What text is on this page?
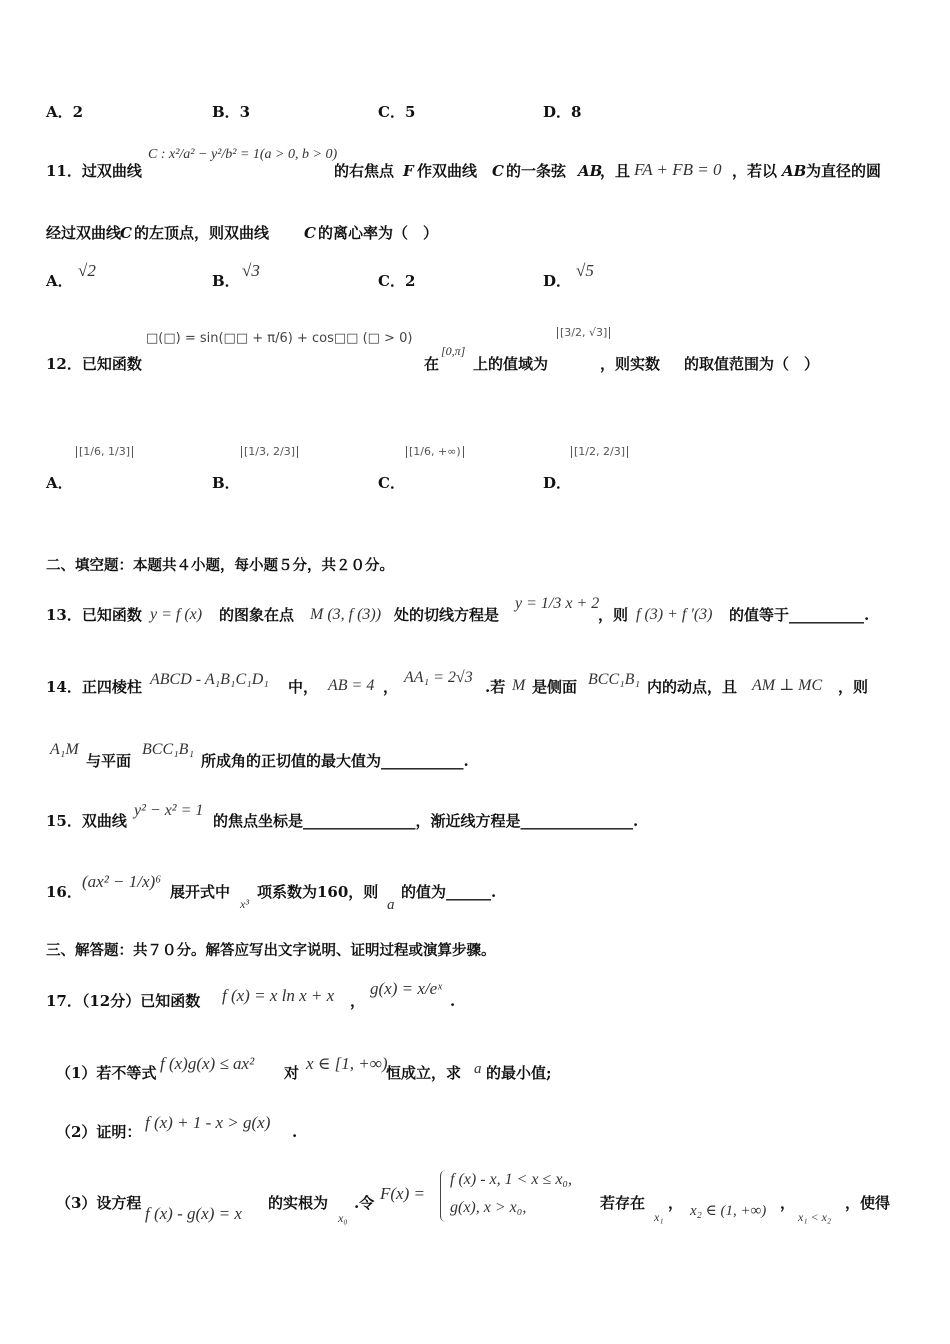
A．2	B．3	C．5	D．8
11．过双曲线
C : x²/a² − y²/b² = 1(a > 0, b > 0)
的右焦点 F 作双曲线 C 的一条弦 AB
，且 FA + FB = 0 ，若以 AB 为直径的圆
经过双曲线
C 的左顶点，则双曲线 C 的离心率为（　）
A．
√2
B．
√3
C．2	D．
√5
□(□) = sin(□□ + π/6) + cos□□ (□ > 0)
12．已知函数	在
[0,π]
上的值域为
[3/2, √3]
，则实数 的取值范围为（　）
A．
[1/6, 1/3]
B．
[1/3, 2/3]
C．
[1/6, +∞)
D．
[1/2, 2/3]
二、填空题：本题共４小题，每小题５分，共２０分。
13．已知函数 y = f (x) 的图象在点 M (3, f (3)) 处的切线方程是
y = 1/3 x + 2
，则 f (3) + f ′(3) 的值等于__________.
14．正四棱柱 ABCD - A₁B₁C₁D₁ 中， AB = 4 ，
AA₁ = 2√3
.若 M 是侧面 BCC₁B₁ 内的动点，且 AM ⊥ MC ，则
A₁M
与平面
BCC₁B₁
所成角的正切值的最大值为___________.
15．双曲线
y² − x² = 1
的焦点坐标是_______________，渐近线方程是_______________.
16．
(ax² − 1/x)⁶
展开式中
x³
项系数为160，则
a
的值为______.
三、解答题：共７０分。解答应写出文字说明、证明过程或演算步骤。
17．（12分）已知函数 f (x) = x ln x + x ，
g(x) = x/eˣ
.
（1）若不等式 f (x)g(x) ≤ ax² 对 x ∈ [1, +∞)
恒成立，求 a 的最小值;
（2）证明： f (x) + 1 - x > g(x) .
（3）设方程
f (x) - g(x) = x
的实根为
x₀
.令 F(x) =
f (x) - x, 1 < x ≤ x₀,
g(x), x > x₀,	若存在
x₁
， x₂ ∈ (1, +∞) ，
x₁ < x₂
，使得
